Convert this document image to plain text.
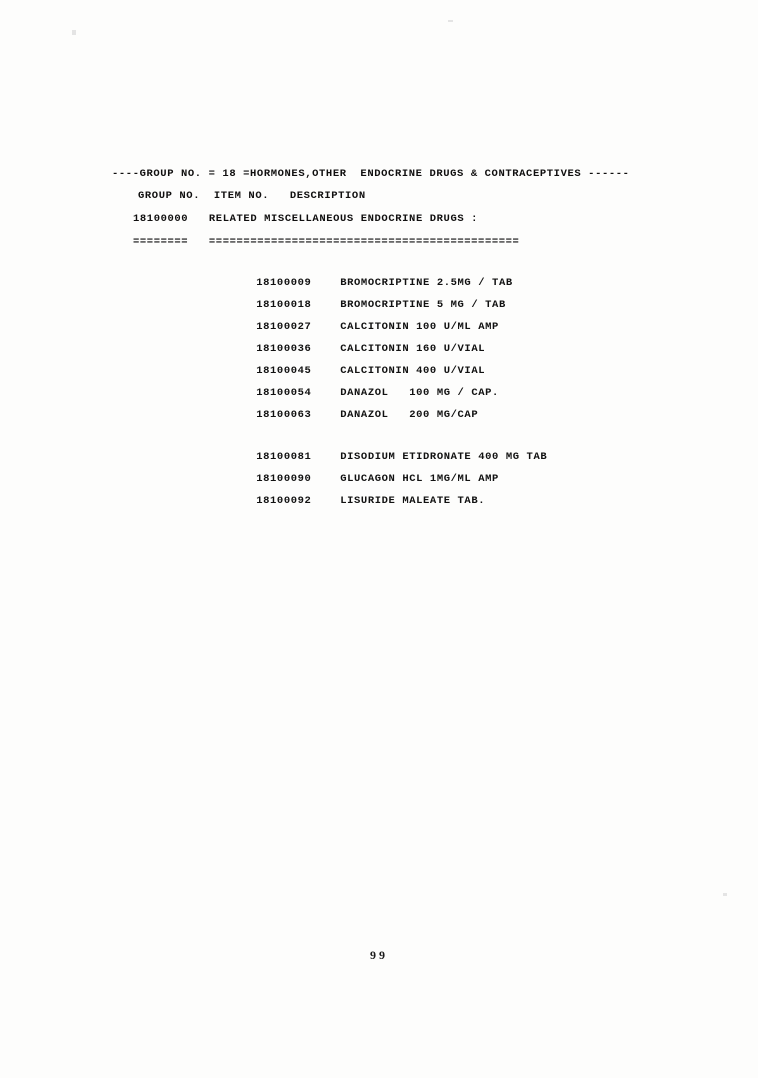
----GROUP NO. = 18 =HORMONES,OTHER  ENDOCRINE DRUGS & CONTRACEPTIVES ------
GROUP NO.  ITEM NO.   DESCRIPTION
18100000   RELATED MISCELLANEOUS ENDOCRINE DRUGS :
========   =============================================

18100009	BROMOCRIPTINE 2.5MG / TAB

18100018	BROMOCRIPTINE 5 MG / TAB

18100027	CALCITONIN 100 U/ML AMP

18100036	CALCITONIN 160 U/VIAL

18100045	CALCITONIN 400 U/VIAL

18100054	DANAZOL   100 MG / CAP.

18100063	DANAZOL   200 MG/CAP

18100081	DISODIUM ETIDRONATE 400 MG TAB

18100090	GLUCAGON HCL 1MG/ML AMP

18100092	LISURIDE MALEATE TAB.

99
